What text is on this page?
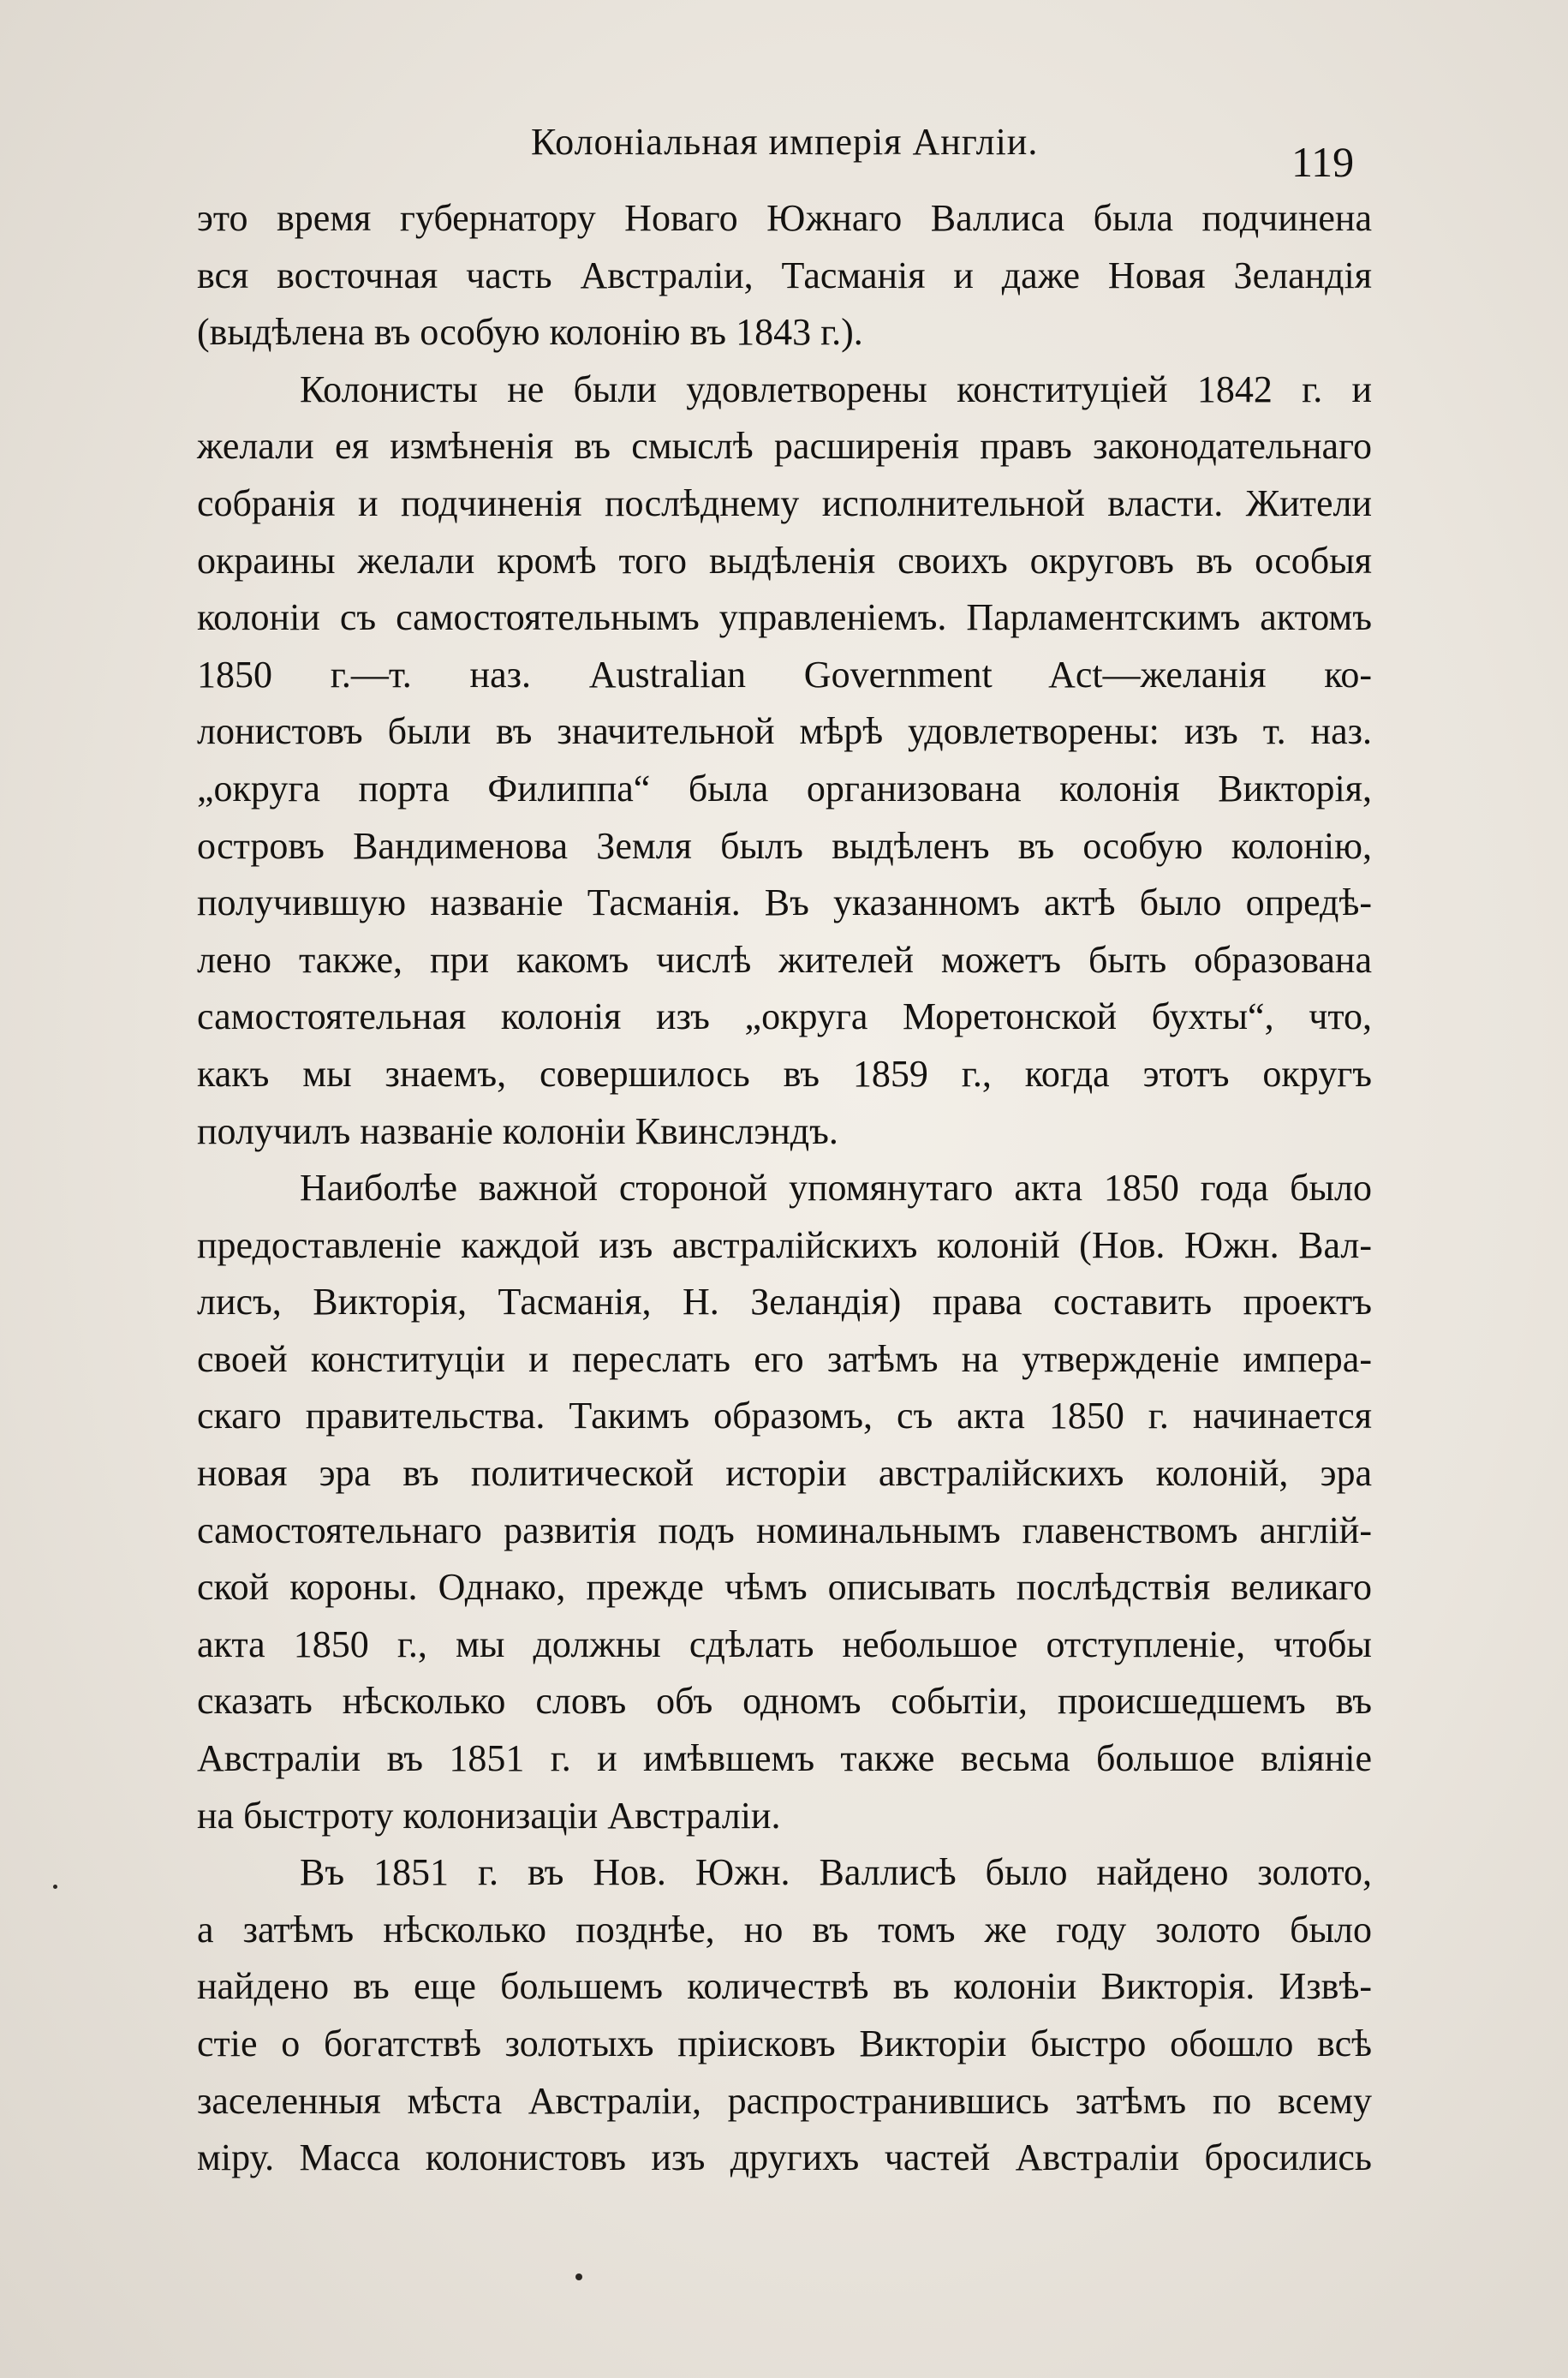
Колоніальная имперія Англіи.	119
это время губернатору Новаго Южнаго Валлиса была подчинена
вся восточная часть Австраліи, Тасманія и даже Новая Зеландія
(выдѣлена въ особую колонію въ 1843 г.).
Колонисты не были удовлетворены конституціей 1842 г. и
желали ея измѣненія въ смыслѣ расширенія правъ законодательнаго
собранія и подчиненія послѣднему исполнительной власти. Жители
окраины желали кромѣ того выдѣленія своихъ округовъ въ особыя
колоніи съ самостоятельнымъ управленіемъ. Парламентскимъ актомъ
1850 г.—т. наз. Australian Government Act—желанія ко-
лонистовъ были въ значительной мѣрѣ удовлетворены: изъ т. наз.
„округа порта Филиппа“ была организована колонія Викторія,
островъ Вандименова Земля былъ выдѣленъ въ особую колонію,
получившую названіе Тасманія. Въ указанномъ актѣ было опредѣ-
лено также, при какомъ числѣ жителей можетъ быть образована
самостоятельная колонія изъ „округа Моретонской бухты“, что,
какъ мы знаемъ, совершилось въ 1859 г., когда этотъ округъ
получилъ названіе колоніи Квинслэндъ.
Наиболѣе важной стороной упомянутаго акта 1850 года было
предоставленіе каждой изъ австралійскихъ колоній (Нов. Южн. Вал-
лисъ, Викторія, Тасманія, Н. Зеландія) права составить проектъ
своей конституціи и переслать его затѣмъ на утвержденіе имперa-
скаго правительства. Такимъ образомъ, съ акта 1850 г. начинается
новая эра въ политической исторіи австралійскихъ колоній, эра
самостоятельнаго развитія подъ номинальнымъ главенствомъ англій-
ской короны. Однако, прежде чѣмъ описывать послѣдствія великаго
акта 1850 г., мы должны сдѣлать небольшое отступленіе, чтобы
сказать нѣсколько словъ объ одномъ событіи, происшедшемъ въ
Австраліи въ 1851 г. и имѣвшемъ также весьма большое вліяніе
на быстроту колонизаціи Австраліи.
Въ 1851 г. въ Нов. Южн. Валлисѣ было найдено золото,
а затѣмъ нѣсколько позднѣе, но въ томъ же году золото было
найдено въ еще большемъ количествѣ въ колоніи Викторія. Извѣ-
стіе о богатствѣ золотыхъ пріисковъ Викторіи быстро обошло всѣ
заселенныя мѣста Австраліи, распространившись затѣмъ по всему
міру. Масса колонистовъ изъ другихъ частей Австраліи бросились
